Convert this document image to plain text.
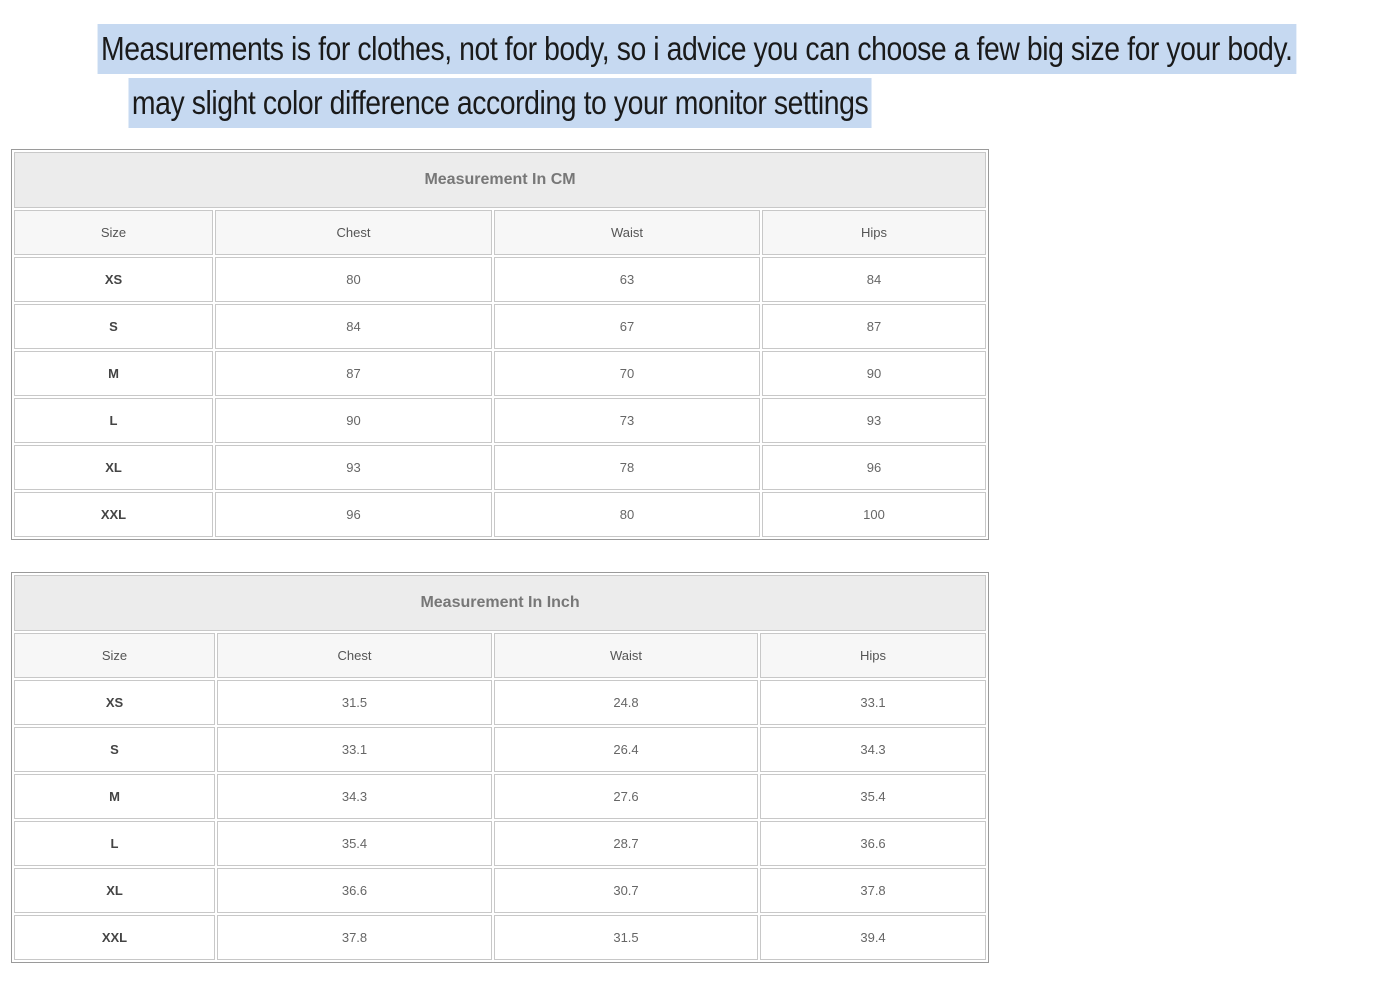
Measurements is for clothes, not for body, so i advice you can choose a few big size for your body.
may slight color difference according to your monitor settings
Measurement In CM			
Size	Chest	Waist	Hips
XS	80	63	84
S	84	67	87
M	87	70	90
L	90	73	93
XL	93	78	96
XXL	96	80	100
Measurement In Inch			
Size	Chest	Waist	Hips
XS	31.5	24.8	33.1
S	33.1	26.4	34.3
M	34.3	27.6	35.4
L	35.4	28.7	36.6
XL	36.6	30.7	37.8
XXL	37.8	31.5	39.4
